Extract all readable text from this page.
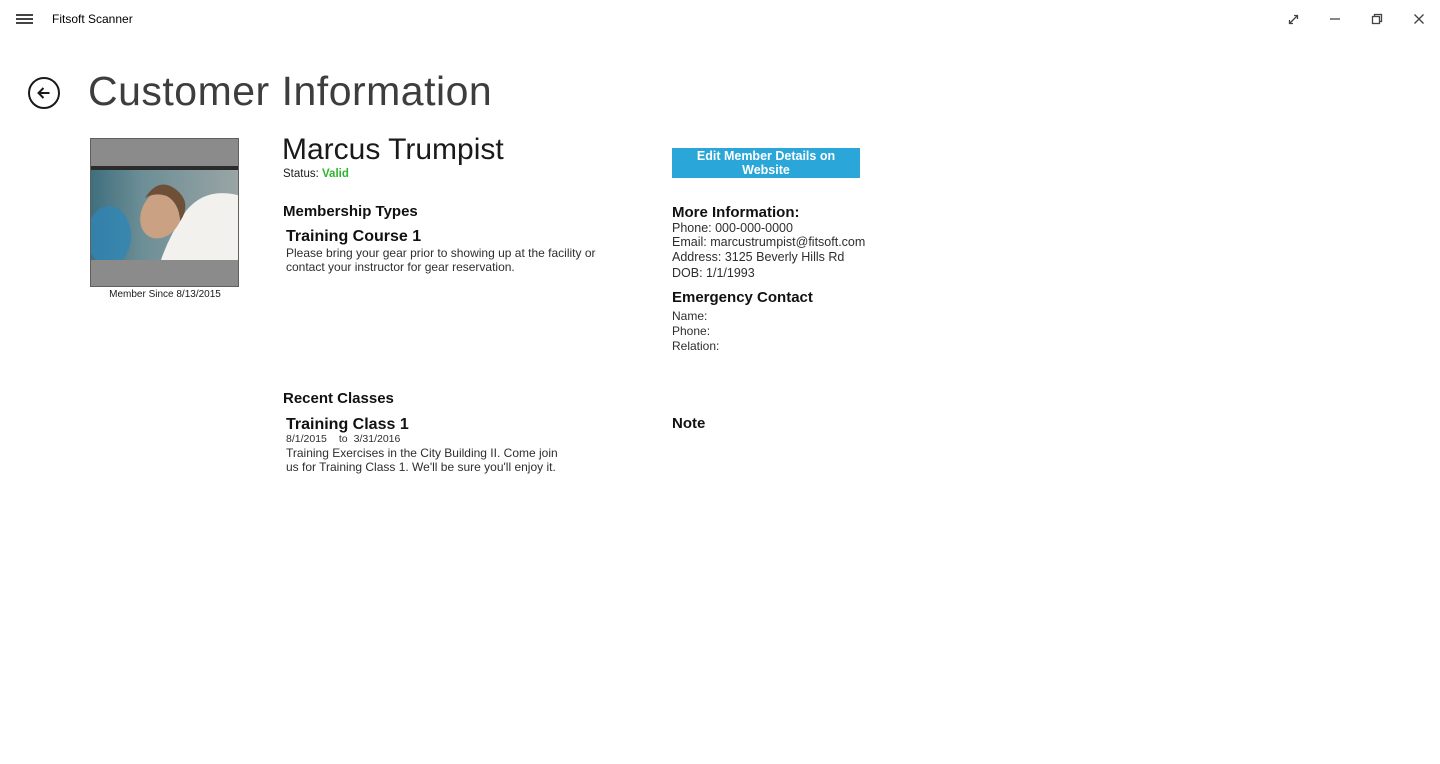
Fitsoft Scanner
Customer Information
Member Since 8/13/2015
Marcus Trumpist
Status: Valid
Edit Member Details on Website
Membership Types
Training Course 1
Please bring your gear prior to showing up at the facility or contact your instructor for gear reservation.
More Information:
Phone: 000-000-0000
Email: marcustrumpist@fitsoft.com
Address: 3125 Beverly Hills Rd
DOB: 1/1/1993
Emergency Contact
Name:
Phone:
Relation:
Recent Classes
Training Class 1
8/1/2015 to 3/31/2016
Training Exercises in the City Building II. Come join us for Training Class 1. We'll be sure you'll enjoy it.
Note
